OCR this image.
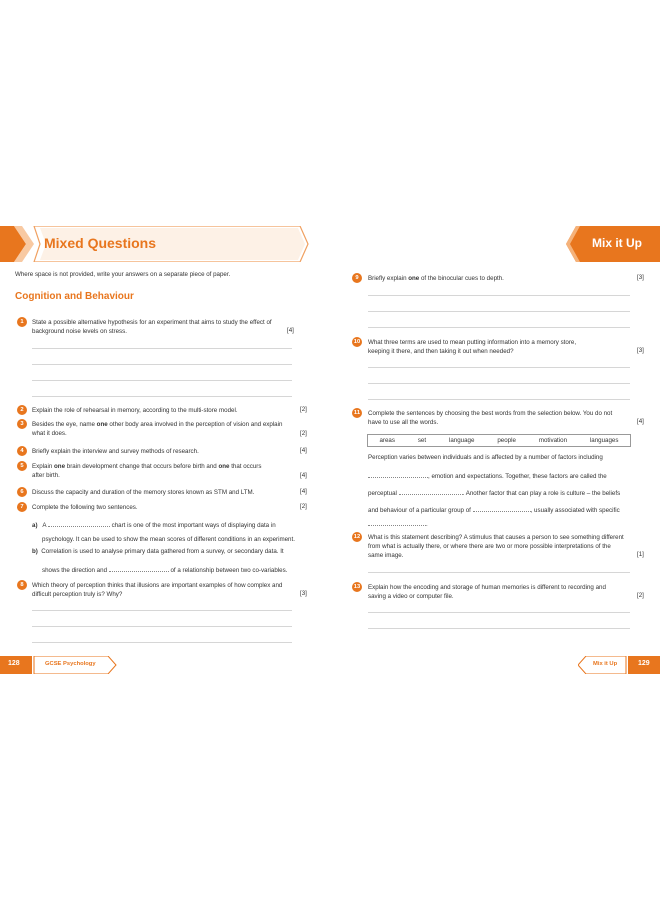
Mixed Questions	Mix it Up
Where space is not provided, write your answers on a separate piece of paper.
Cognition and Behaviour
1	State a possible alternative hypothesis for an experiment that aims to study the effect of
background noise levels on stress.	[4]
2	Explain the role of rehearsal in memory, according to the multi-store model.	[2]
3	Besides the eye, name one other body area involved in the perception of vision and explain
what it does.	[2]
4	Briefly explain the interview and survey methods of research.	[4]
5	Explain one brain development change that occurs before birth and one that occurs
after birth.	[4]
6	Discuss the capacity and duration of the memory stores known as STM and LTM.	[4]
7	Complete the following two sentences.	[2]
a) A	chart is one of the most important ways of displaying data in
psychology. It can be used to show the mean scores of different conditions in an experiment.
b) Correlation is used to analyse primary data gathered from a survey, or secondary data. It
shows the direction and	of a relationship between two co-variables.
8	Which theory of perception thinks that illusions are important examples of how complex and
difficult perception truly is? Why?	[3]
9	Briefly explain one of the binocular cues to depth.	[3]
10 What three terms are used to mean putting information into a memory store,
keeping it there, and then taking it out when needed?	[3]
11	Complete the sentences by choosing the best words from the selection below. You do not
have to use all the words.	[4]
areas	set	language	people	motivation	languages
Perception varies between individuals and is affected by a number of factors including
, emotion and expectations. Together, these factors are called the
perceptual	. Another factor that can play a role is culture – the beliefs
and behaviour of a particular group of	, usually associated with specific
.
12 What is this statement describing? A stimulus that causes a person to see something different
from what is actually there, or where there are two or more possible interpretations of the
same image.	[1]
13 Explain how the encoding and storage of human memories is different to recording and
saving a video or computer file.	[2]
128	GCSE Psychology	Mix it Up	129
